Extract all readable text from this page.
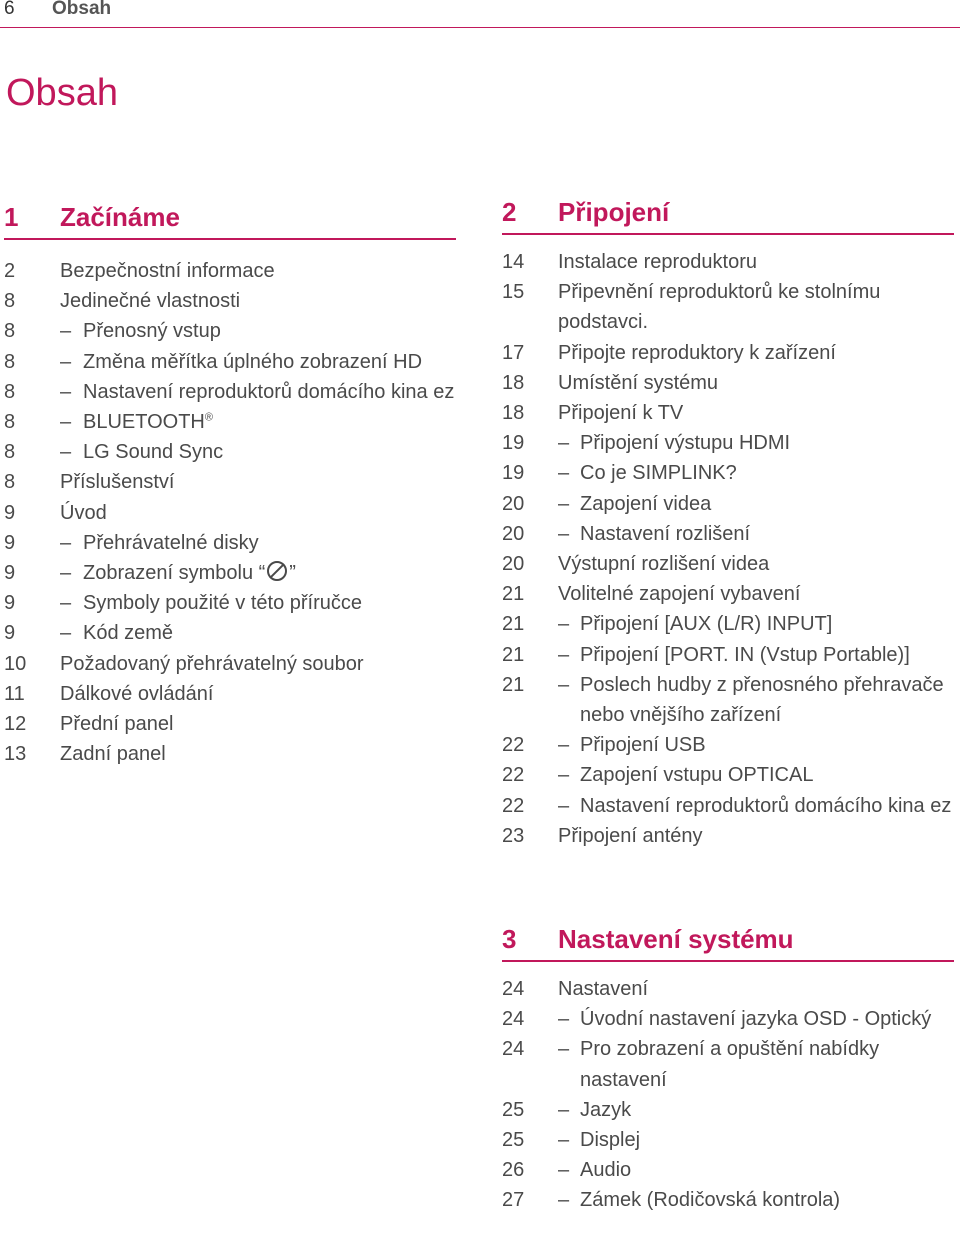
6 Obsah
Obsah
1 Začínáme
2	Bezpečnostní informace
8	Jedinečné vlastnosti
8	– Přenosný vstup
8	– Změna měřítka úplného zobrazení HD
8	– Nastavení reproduktorů domácího kina ez
8	– BLUETOOTH®
8	– LG Sound Sync
8	Příslušenství
9	Úvod
9	– Přehrávatelné disky
9	– Zobrazení symbolu “ ”
9	– Symboly použité v této příručce
9	– Kód země
10	Požadovaný přehrávatelný soubor
11	Dálkové ovládání
12	Přední panel
13	Zadní panel
2 Připojení
14	Instalace reproduktoru
15	Připevnění reproduktorů ke stolnímu podstavci.
17	Připojte reproduktory k zařízení
18	Umístění systému
18	Připojení k TV
19	– Připojení výstupu HDMI
19	– Co je SIMPLINK?
20	– Zapojení videa
20	– Nastavení rozlišení
20	Výstupní rozlišení videa
21	Volitelné zapojení vybavení
21	– Připojení [AUX (L/R) INPUT]
21	– Připojení [PORT. IN (Vstup Portable)]
21	– Poslech hudby z přenosného přehravače nebo vnějšího zařízení
22	– Připojení USB
22	– Zapojení vstupu OPTICAL
22	– Nastavení reproduktorů domácího kina ez
23	Připojení antény
3 Nastavení systému
24	Nastavení
24	– Úvodní nastavení jazyka OSD - Optický
24	– Pro zobrazení a opuštění nabídky nastavení
25	– Jazyk
25	– Displej
26	– Audio
27	– Zámek (Rodičovská kontrola)
